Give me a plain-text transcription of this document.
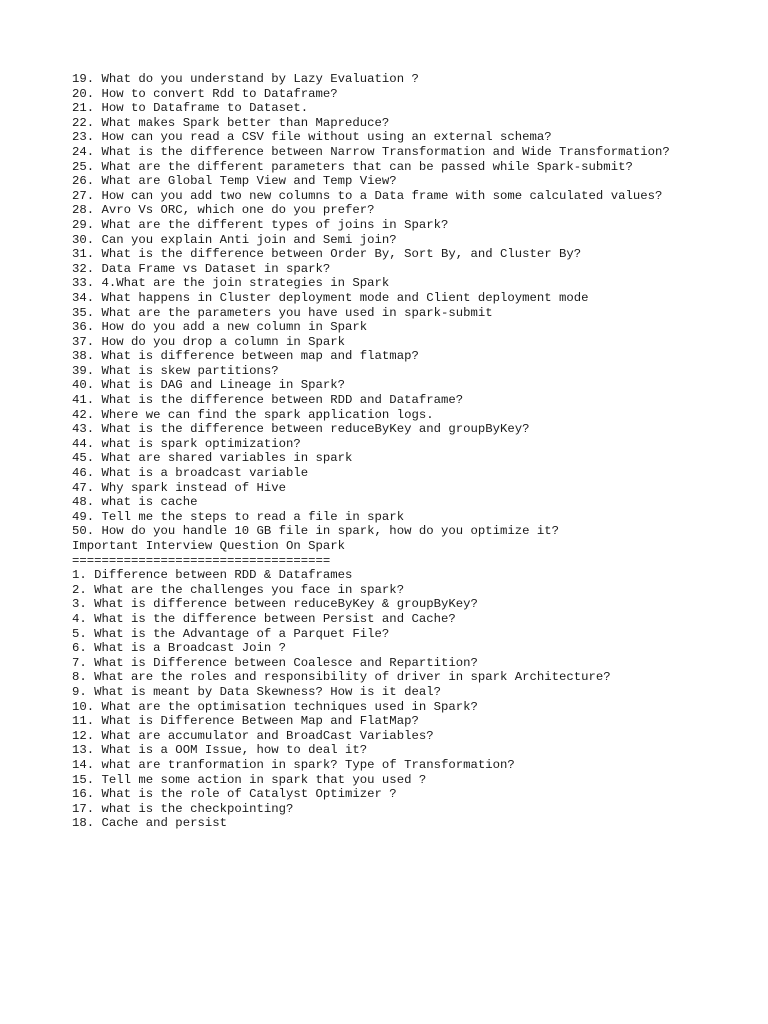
19. What do you understand by Lazy Evaluation ?
20. How to convert Rdd to Dataframe?
21. How to Dataframe to Dataset.
22. What makes Spark better than Mapreduce?
23. How can you read a CSV file without using an external schema?
24. What is the difference between Narrow Transformation and Wide Transformation?
25. What are the different parameters that can be passed while Spark-submit?
26. What are Global Temp View and Temp View?
27. How can you add two new columns to a Data frame with some calculated values?
28. Avro Vs ORC, which one do you prefer?
29. What are the different types of joins in Spark?
30. Can you explain Anti join and Semi join?
31. What is the difference between Order By, Sort By, and Cluster By?
32. Data Frame vs Dataset in spark?
33. 4.What are the join strategies in Spark
34. What happens in Cluster deployment mode and Client deployment mode
35. What are the parameters you have used in spark-submit
36. How do you add a new column in Spark
37. How do you drop a column in Spark
38. What is difference between map and flatmap?
39. What is skew partitions?
40. What is DAG and Lineage in Spark?
41. What is the difference between RDD and Dataframe?
42. Where we can find the spark application logs.
43. What is the difference between reduceByKey and groupByKey?
44. what is spark optimization?
45. What are shared variables in spark
46. What is a broadcast variable
47. Why spark instead of Hive
48. what is cache
49. Tell me the steps to read a file in spark
50. How do you handle 10 GB file in spark, how do you optimize it?
Important Interview Question On Spark
===================================
1. Difference between RDD & Dataframes
2. What are the challenges you face in spark?
3. What is difference between reduceByKey & groupByKey?
4. What is the difference between Persist and Cache?
5. What is the Advantage of a Parquet File?
6. What is a Broadcast Join ?
7. What is Difference between Coalesce and Repartition?
8. What are the roles and responsibility of driver in spark Architecture?
9. What is meant by Data Skewness? How is it deal?
10. What are the optimisation techniques used in Spark?
11. What is Difference Between Map and FlatMap?
12. What are accumulator and BroadCast Variables?
13. What is a OOM Issue, how to deal it?
14. what are tranformation in spark? Type of Transformation?
15. Tell me some action in spark that you used ?
16. What is the role of Catalyst Optimizer ?
17. what is the checkpointing?
18. Cache and persist
